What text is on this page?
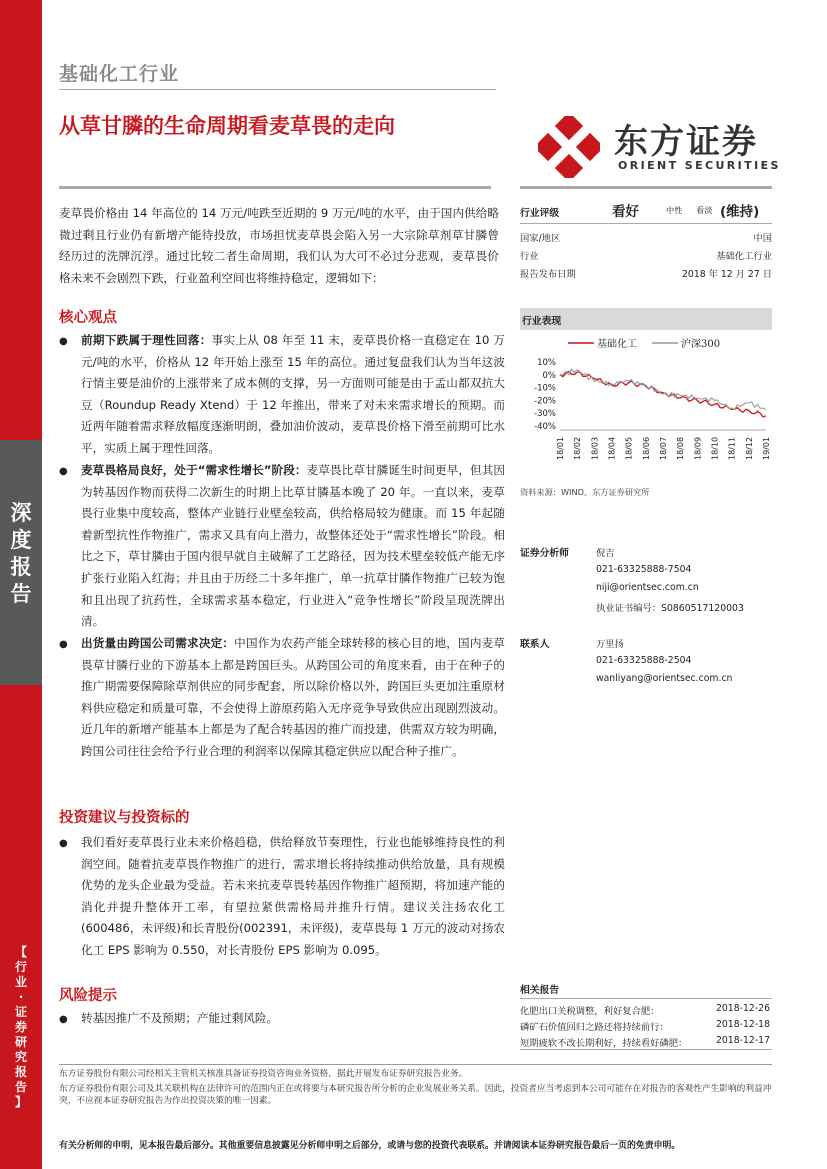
深
度
报
告
【
行
业
·
证
券
研
究
报
告
】
基础化工行业
从草甘膦的生命周期看麦草畏的走向	东方证券
ORIENT SECURITIES
麦草畏价格由 14 年高位的 14 万元/吨跌至近期的 9 万元/吨的水平，由于国内供给略微过剩且行业仍有新增产能待投放，市场担忧麦草畏会陷入另一大宗除草剂草甘膦曾经历过的洗牌沉浮。通过比较二者生命周期，我们认为大可不必过分悲观，麦草畏价格未来不会剧烈下跌，行业盈利空间也将维持稳定，逻辑如下：
核心观点
●	前期下跌属于理性回落：事实上从 08 年至 11 末，麦草畏价格一直稳定在 10 万元/吨的水平，价格从 12 年开始上涨至 15 年的高位。通过复盘我们认为当年这波行情主要是油价的上涨带来了成本侧的支撑，另一方面则可能是由于孟山都双抗大豆（Roundup Ready Xtend）于 12 年推出，带来了对未来需求增长的预期。而近两年随着需求释放幅度逐渐明朗，叠加油价波动，麦草畏价格下滑至前期可比水平，实质上属于理性回落。
●	麦草畏格局良好，处于“需求性增长”阶段：麦草畏比草甘膦诞生时间更早，但其因为转基因作物而获得二次新生的时期上比草甘膦基本晚了 20 年。一直以来，麦草畏行业集中度较高，整体产业链行业壁垒较高，供给格局较为健康。而 15 年起随着新型抗性作物推广，需求又具有向上潜力，故整体还处于“需求性增长”阶段。相比之下，草甘膦由于国内很早就自主破解了工艺路径，因为技术壁垒较低产能无序扩张行业陷入红海；并且由于历经二十多年推广，单一抗草甘膦作物推广已较为饱和且出现了抗药性，全球需求基本稳定，行业进入“竞争性增长”阶段呈现洗牌出清。
●	出货量由跨国公司需求决定：中国作为农药产能全球转移的核心目的地，国内麦草畏草甘膦行业的下游基本上都是跨国巨头。从跨国公司的角度来看，由于在种子的推广期需要保障除草剂供应的同步配套，所以除价格以外，跨国巨头更加注重原材料供应稳定和质量可靠，不会使得上游原药陷入无序竞争导致供应出现剧烈波动。近几年的新增产能基本上都是为了配合转基因的推广而投建，供需双方较为明确，跨国公司往往会给予行业合理的利润率以保障其稳定供应以配合种子推广。
投资建议与投资标的
●	我们看好麦草畏行业未来价格趋稳，供给释放节奏理性，行业也能够维持良性的利润空间。随着抗麦草畏作物推广的进行，需求增长将持续推动供给放量，具有规模优势的龙头企业最为受益。若未来抗麦草畏转基因作物推广超预期，将加速产能的消化并提升整体开工率，有望拉紧供需格局并推升行情。建议关注扬农化工(600486，未评级)和长青股份(002391，未评级)，麦草畏每 1 万元的波动对扬农化工 EPS 影响为 0.550，对长青股份 EPS 影响为 0.095。
风险提示
●	转基因推广不及预期；产能过剩风险。
行业评级	看好	中性 看淡 (维持)
国家/地区	中国
行业	基础化工行业
报告发布日期	2018 年 12 月 27 日
行业表现
10%
0%
-10%
-20%
-30%
-40%
18/01 18/02 18/03 18/04 18/05 18/06 18/07 18/08 18/09 18/10 18/11 18/12 19/01
基础化工	沪深300
资料来源：WIND、东方证券研究所
证券分析师	倪吉
021-63325888-7504
niji@orientsec.com.cn
执业证书编号：S0860517120003
联系人	万里扬
021-63325888-2504
wanliyang@orientsec.com.cn
相关报告
化肥出口关税调整，利好复合肥：	2018-12-26
磷矿石价值回归之路还将持续前行：	2018-12-18
短期疲软不改长期利好，持续看好磷肥：	2018-12-17
东方证券股份有限公司经相关主管机关核准具备证券投资咨询业务资格，据此开展发布证券研究报告业务。
东方证券股份有限公司及其关联机构在法律许可的范围内正在或将要与本研究报告所分析的企业发展业务关系。因此，投资者应当考虑到本公司可能存在对报告的客观性产生影响的利益冲突，不应视本证券研究报告为作出投资决策的唯一因素。
有关分析师的申明，见本报告最后部分。其他重要信息披露见分析师申明之后部分，或请与您的投资代表联系。并请阅读本证券研究报告最后一页的免责申明。
